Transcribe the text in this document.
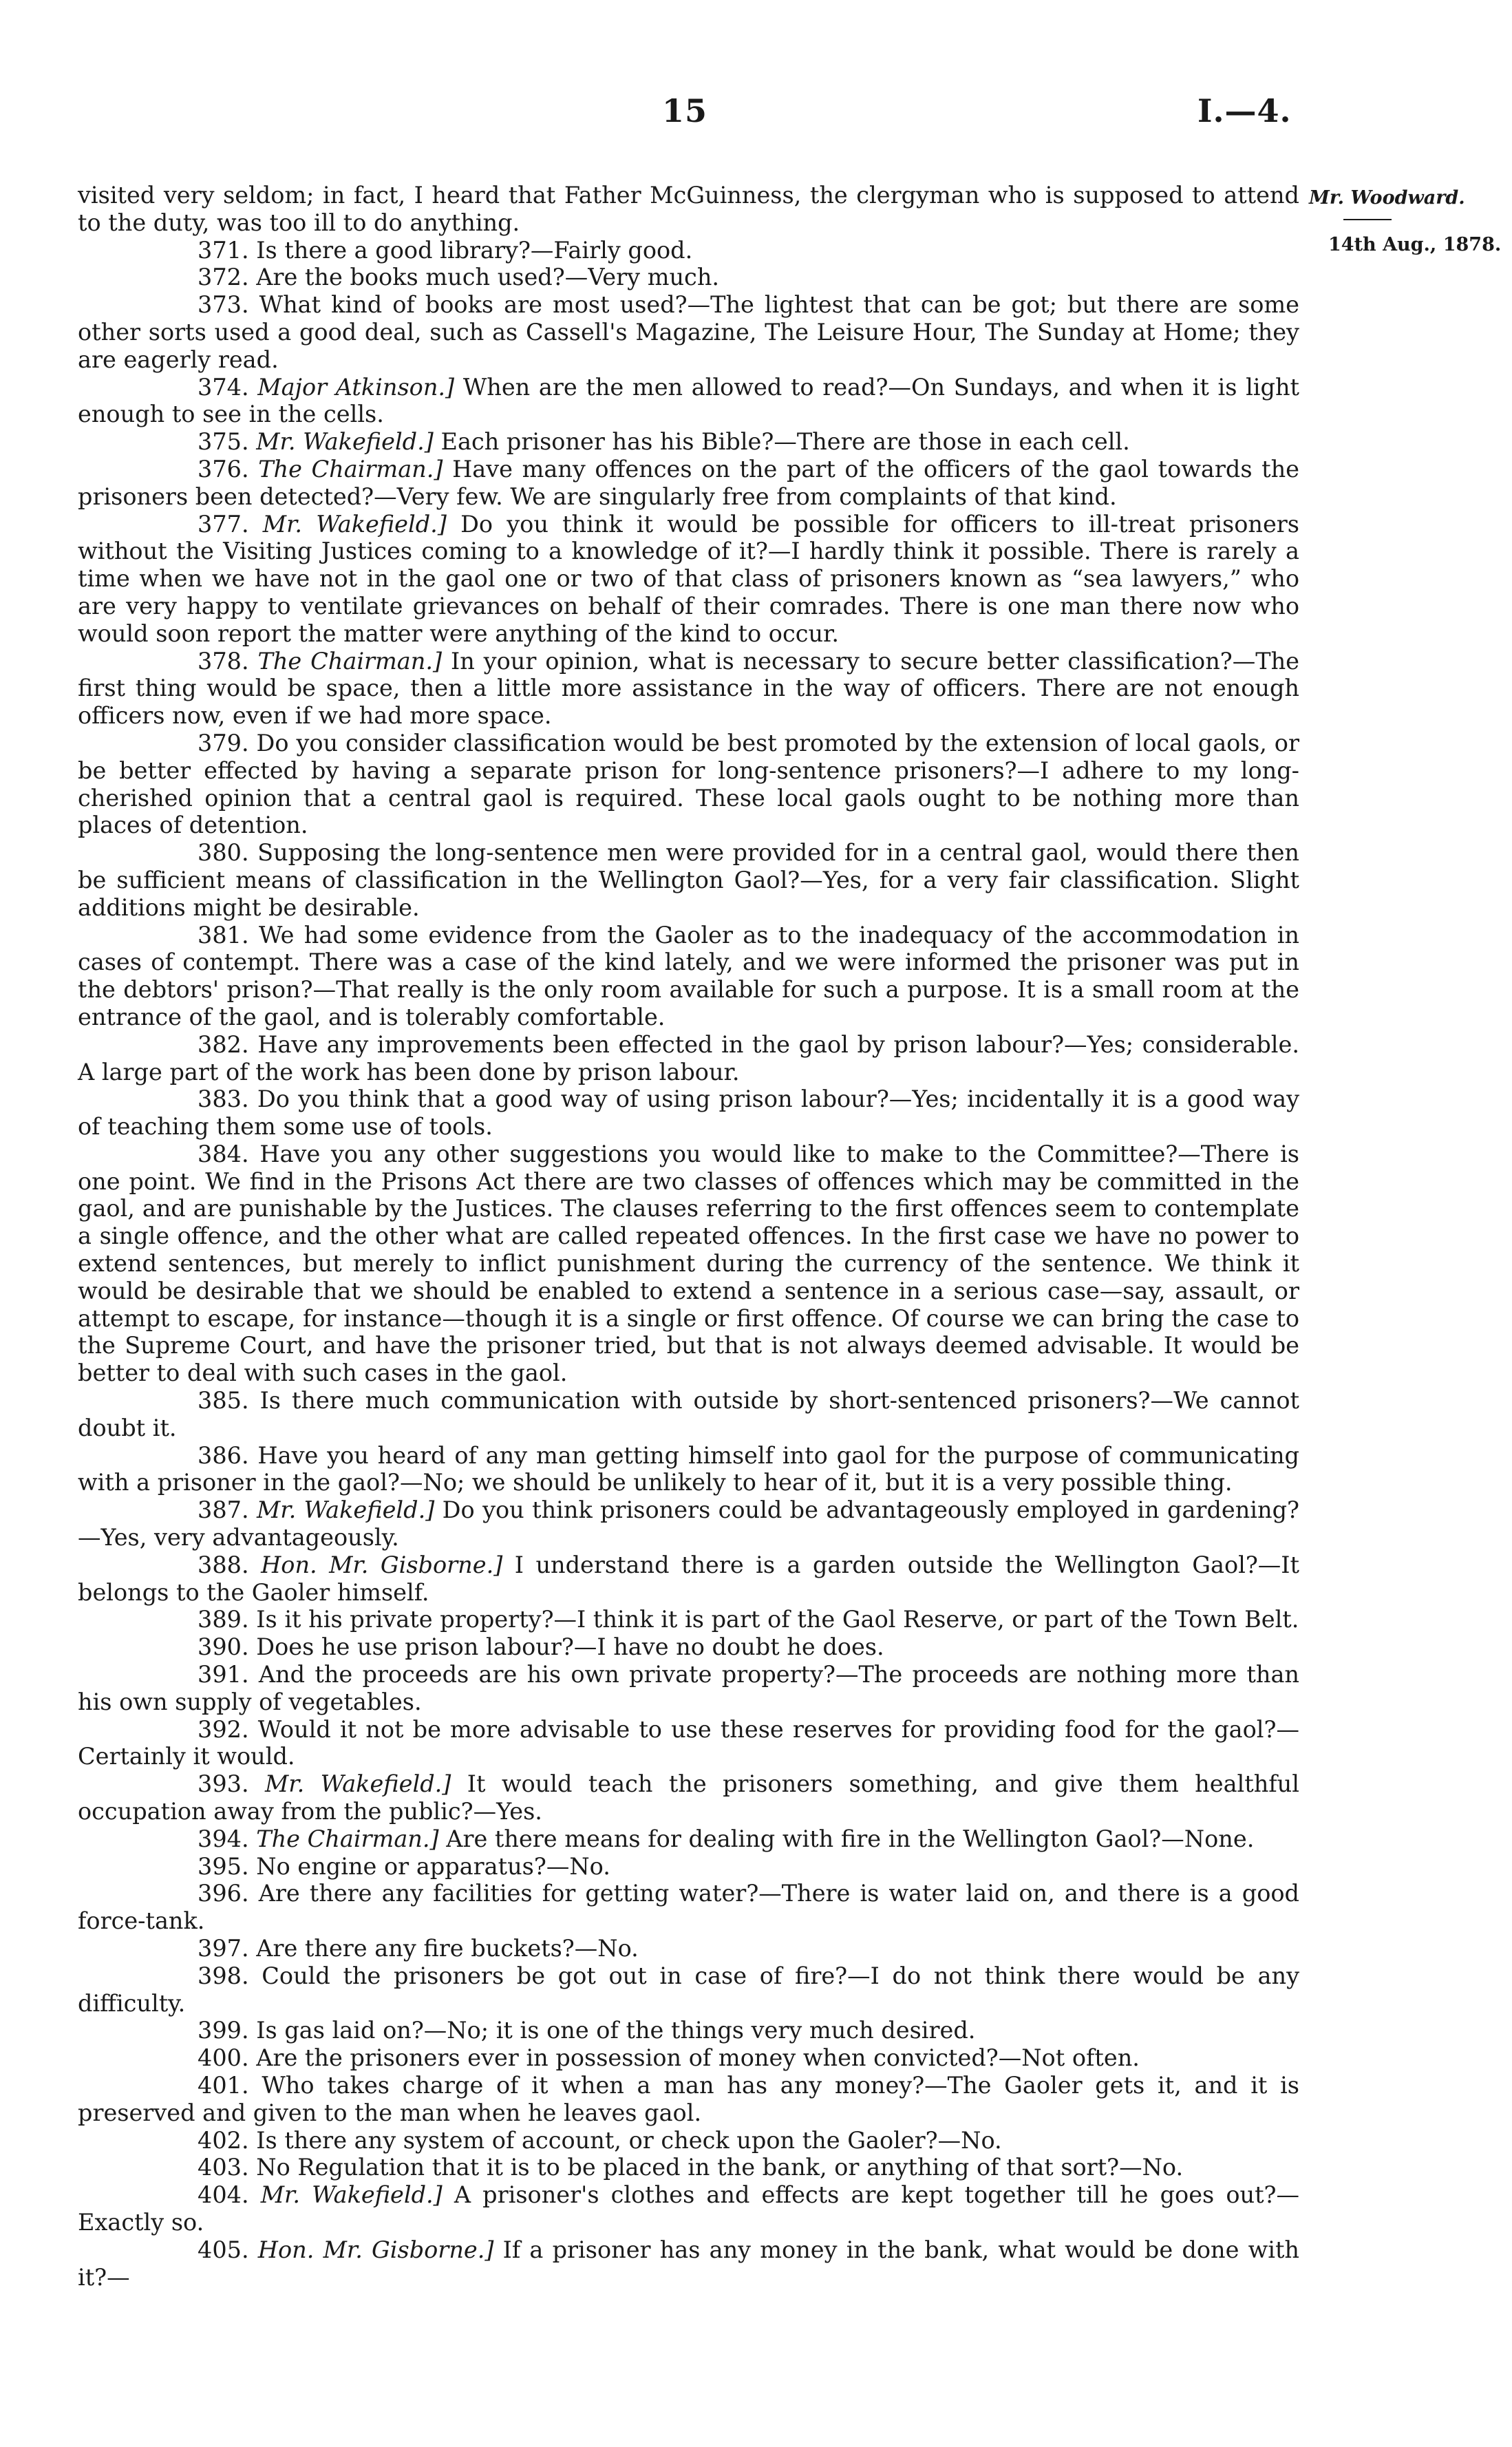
15	I.—4.
Mr. Woodward.
14th Aug., 1878.

visited very seldom; in fact, I heard that Father McGuinness, the clergyman who is supposed to attend to the duty, was too ill to do anything.

371. Is there a good library?—Fairly good.

372. Are the books much used?—Very much.

373. What kind of books are most used?—The lightest that can be got; but there are some other sorts used a good deal, such as Cassell's Magazine, The Leisure Hour, The Sunday at Home; they are eagerly read.

374. Major Atkinson.] When are the men allowed to read?—On Sundays, and when it is light enough to see in the cells.

375. Mr. Wakefield.] Each prisoner has his Bible?—There are those in each cell.

376. The Chairman.] Have many offences on the part of the officers of the gaol towards the prisoners been detected?—Very few. We are singularly free from complaints of that kind.

377. Mr. Wakefield.] Do you think it would be possible for officers to ill-treat prisoners without the Visiting Justices coming to a knowledge of it?—I hardly think it possible. There is rarely a time when we have not in the gaol one or two of that class of prisoners known as “sea lawyers,” who are very happy to ventilate grievances on behalf of their comrades. There is one man there now who would soon report the matter were anything of the kind to occur.

378. The Chairman.] In your opinion, what is necessary to secure better classification?—The first thing would be space, then a little more assistance in the way of officers. There are not enough officers now, even if we had more space.

379. Do you consider classification would be best promoted by the extension of local gaols, or be better effected by having a separate prison for long-sentence prisoners?—I adhere to my long-cherished opinion that a central gaol is required. These local gaols ought to be nothing more than places of detention.

380. Supposing the long-sentence men were provided for in a central gaol, would there then be sufficient means of classification in the Wellington Gaol?—Yes, for a very fair classification. Slight additions might be desirable.

381. We had some evidence from the Gaoler as to the inadequacy of the accommodation in cases of contempt. There was a case of the kind lately, and we were informed the prisoner was put in the debtors' prison?—That really is the only room available for such a purpose. It is a small room at the entrance of the gaol, and is tolerably comfortable.

382. Have any improvements been effected in the gaol by prison labour?—Yes; considerable. A large part of the work has been done by prison labour.

383. Do you think that a good way of using prison labour?—Yes; incidentally it is a good way of teaching them some use of tools.

384. Have you any other suggestions you would like to make to the Committee?—There is one point. We find in the Prisons Act there are two classes of offences which may be committed in the gaol, and are punishable by the Justices. The clauses referring to the first offences seem to contemplate a single offence, and the other what are called repeated offences. In the first case we have no power to extend sentences, but merely to inflict punishment during the currency of the sentence. We think it would be desirable that we should be enabled to extend a sentence in a serious case—say, assault, or attempt to escape, for instance—though it is a single or first offence. Of course we can bring the case to the Supreme Court, and have the prisoner tried, but that is not always deemed advisable. It would be better to deal with such cases in the gaol.

385. Is there much communication with outside by short-sentenced prisoners?—We cannot doubt it.

386. Have you heard of any man getting himself into gaol for the purpose of communicating with a prisoner in the gaol?—No; we should be unlikely to hear of it, but it is a very possible thing.

387. Mr. Wakefield.] Do you think prisoners could be advantageously employed in gardening?—Yes, very advantageously.

388. Hon. Mr. Gisborne.] I understand there is a garden outside the Wellington Gaol?—It belongs to the Gaoler himself.

389. Is it his private property?—I think it is part of the Gaol Reserve, or part of the Town Belt.

390. Does he use prison labour?—I have no doubt he does.

391. And the proceeds are his own private property?—The proceeds are nothing more than his own supply of vegetables.

392. Would it not be more advisable to use these reserves for providing food for the gaol?—Certainly it would.

393. Mr. Wakefield.] It would teach the prisoners something, and give them healthful occupation away from the public?—Yes.

394. The Chairman.] Are there means for dealing with fire in the Wellington Gaol?—None.

395. No engine or apparatus?—No.

396. Are there any facilities for getting water?—There is water laid on, and there is a good force-tank.

397. Are there any fire buckets?—No.

398. Could the prisoners be got out in case of fire?—I do not think there would be any difficulty.

399. Is gas laid on?—No; it is one of the things very much desired.

400. Are the prisoners ever in possession of money when convicted?—Not often.

401. Who takes charge of it when a man has any money?—The Gaoler gets it, and it is preserved and given to the man when he leaves gaol.

402. Is there any system of account, or check upon the Gaoler?—No.

403. No Regulation that it is to be placed in the bank, or anything of that sort?—No.

404. Mr. Wakefield.] A prisoner's clothes and effects are kept together till he goes out?—Exactly so.

405. Hon. Mr. Gisborne.] If a prisoner has any money in the bank, what would be done with it?—
